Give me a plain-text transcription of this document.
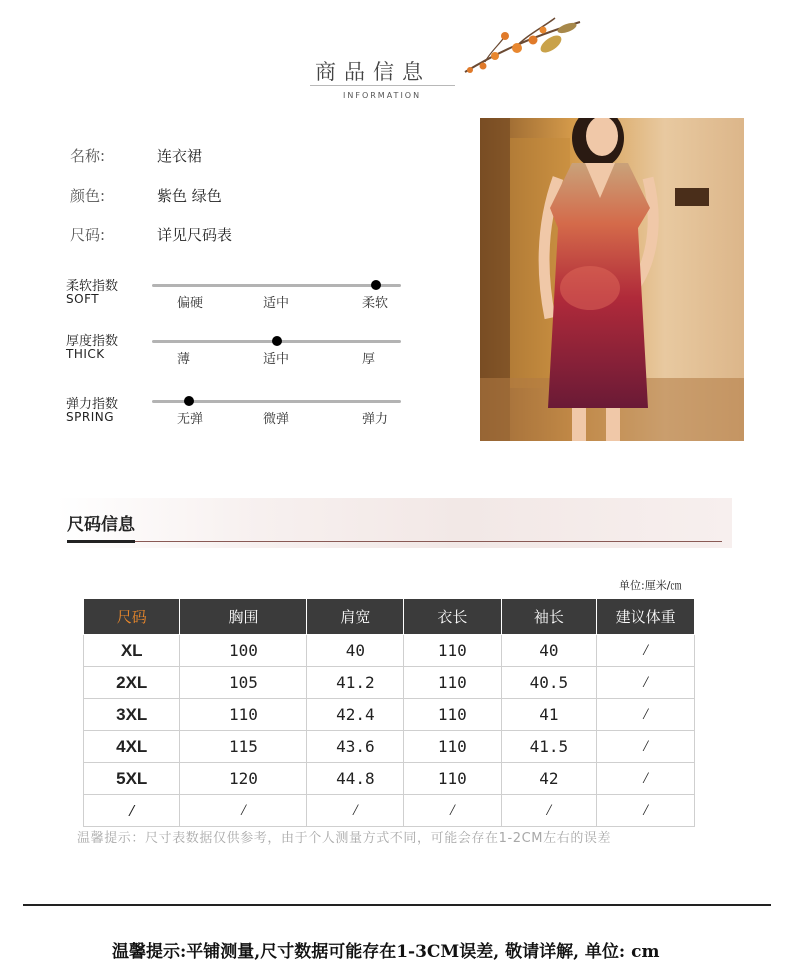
商品信息
INFORMATION
名称:	连衣裙
颜色:	紫色 绿色
尺码:	详见尺码表
柔软指数
SOFT	偏硬	适中	柔软
厚度指数
THICK	薄	适中	厚
弹力指数
SPRING	无弹	微弹	弹力
尺码信息
单位:厘米/㎝
尺码	胸围	肩宽	衣长	袖长	建议体重
XL	100	40	110	40	/
2XL	105	41.2	110	40.5	/
3XL	110	42.4	110	41	/
4XL	115	43.6	110	41.5	/
5XL	120	44.8	110	42	/
/	/	/	/	/	/
温馨提示：尺寸表数据仅供参考，由于个人测量方式不同，可能会存在1-2CM左右的误差
温馨提示:平铺测量,尺寸数据可能存在1-3CM误差, 敬请详解, 单位: cm
